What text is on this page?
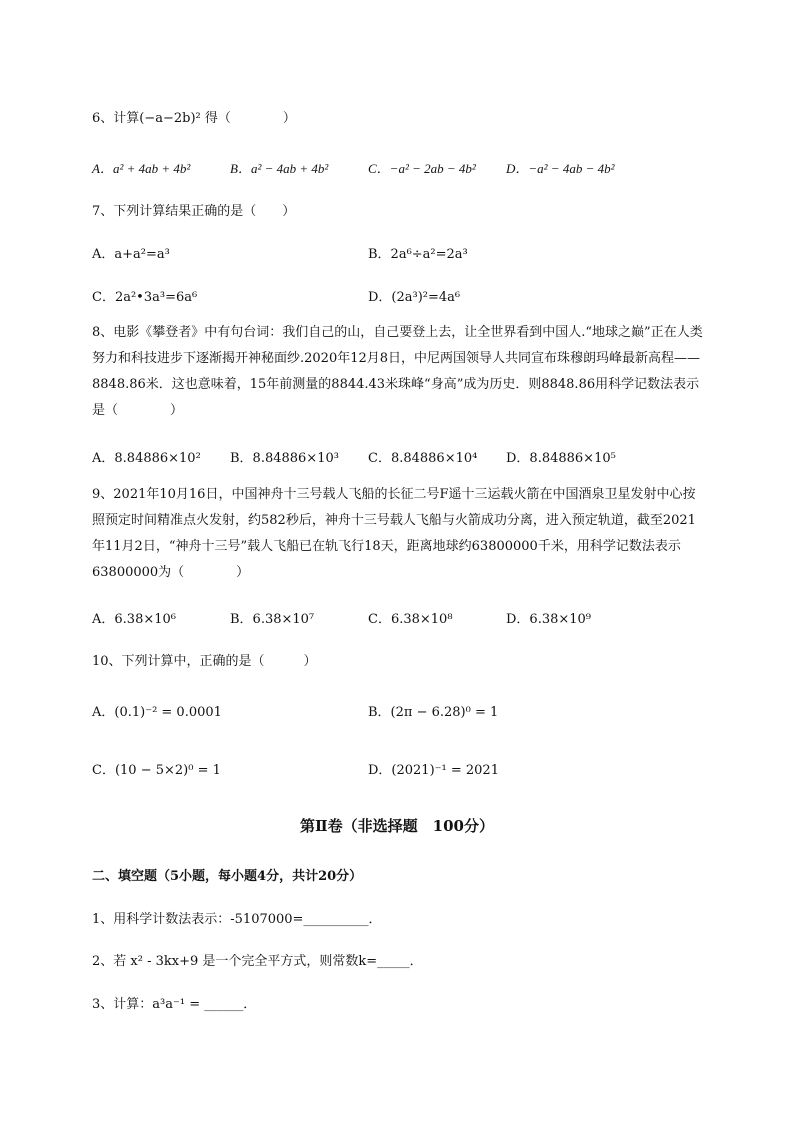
6、计算(−a−2b)² 得（　　　　）
A．a² + 4ab + 4b²	B．a² − 4ab + 4b²	C．−a² − 2ab − 4b² D．−a² − 4ab − 4b²
7、下列计算结果正确的是（　　）
A．a+a²=a³	B．2a⁶÷a²=2a³
C．2a²•3a³=6a⁶	D．(2a³)²=4a⁶
8、电影《攀登者》中有句台词：我们自己的山，自己要登上去，让全世界看到中国人.“地球之巅”正在人类努力和科技进步下逐渐揭开神秘面纱.2020年12月8日，中尼两国领导人共同宣布珠穆朗玛峰最新高程——8848.86米．这也意味着，15年前测量的8844.43米珠峰“身高”成为历史．则8848.86用科学记数法表示是（　　　　）
A．8.84886×10² B．8.84886×10³ C．8.84886×10⁴ D．8.84886×10⁵
9、2021年10月16日，中国神舟十三号载人飞船的长征二号F遥十三运载火箭在中国酒泉卫星发射中心按照预定时间精准点火发射，约582秒后，神舟十三号载人飞船与火箭成功分离，进入预定轨道，截至2021年11月2日，“神舟十三号”载人飞船已在轨飞行18天，距离地球约63800000千米，用科学记数法表示 63800000为（　　　　）
A．6.38×10⁶	B．6.38×10⁷	C．6.38×10⁸	D．6.38×10⁹
10、下列计算中，正确的是（　　　）
A．(0.1)⁻² = 0.0001	B．(2π − 6.28)⁰ = 1
C．(10 − 5×2)⁰ = 1	D．(2021)⁻¹ = 2021
第Ⅱ卷（非选择题　100分）
二、填空题（5小题，每小题4分，共计20分）
1、用科学计数法表示：-5107000=__________．
2、若 x² - 3kx+9 是一个完全平方式，则常数k=_____．
3、计算：a³a⁻¹ = ______．
